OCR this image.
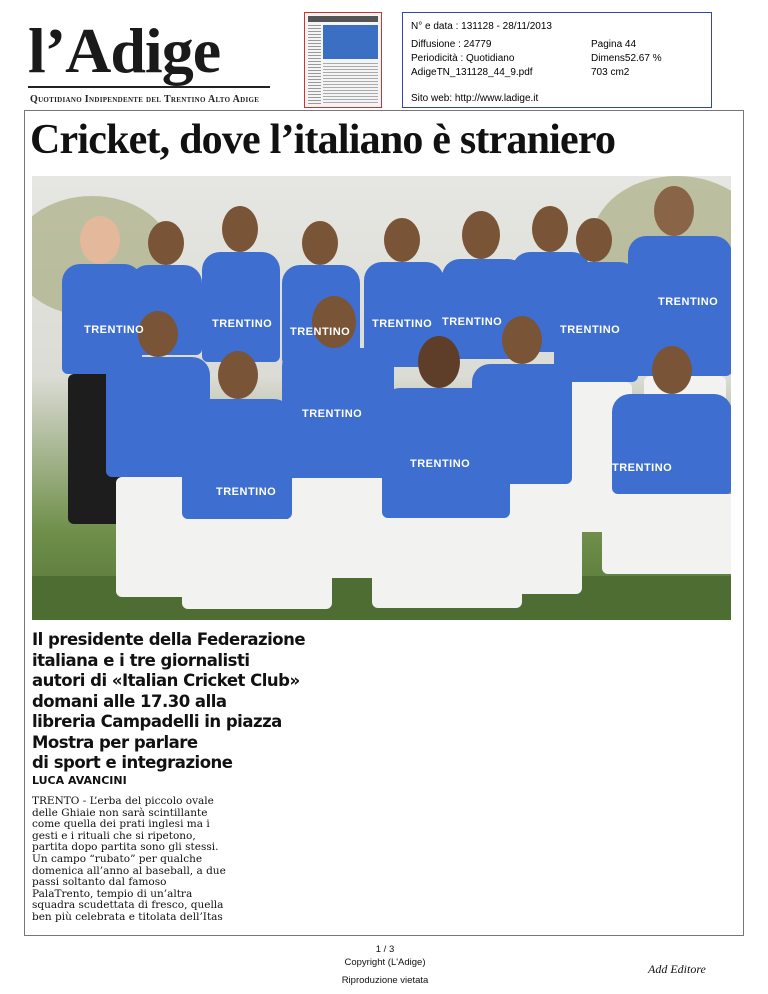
l’Adige
Quotidiano Indipendente del Trentino Alto Adige
N° e data : 131128 - 28/11/2013
Diffusione : 24779
Periodicità : Quotidiano
AdigeTN_131128_44_9.pdf
Pagina 44
Dimens52.67 %
703 cm2
Sito web: http://www.ladige.it
Cricket, dove l’italiano è straniero
TRENTINO	TRENTINO
TRENTINO
TRENTINO TRENTINO
TRENTINO
TRENTINO
TRENTINO
TRENTINO
TRENTINO
TRENTINO
Il presidente della Federazione
italiana e i tre giornalisti
autori di «Italian Cricket Club»
domani alle 17.30 alla
libreria Campadelli in piazza
Mostra per parlare
di sport e integrazione
LUCA AVANCINI
TRENTO - L’erba del piccolo ovale
delle Ghiaie non sarà scintillante
come quella dei prati inglesi ma i
gesti e i rituali che si ripetono,
partita dopo partita sono gli stessi.
Un campo “rubato” per qualche
domenica all’anno al baseball, a due
passi soltanto dal famoso
PalaTrento, tempio di un’altra
squadra scudettata di fresco, quella
ben più celebrata e titolata dell’Itas
1 / 3
Copyright (L'Adige)
Riproduzione vietata
Add Editore
